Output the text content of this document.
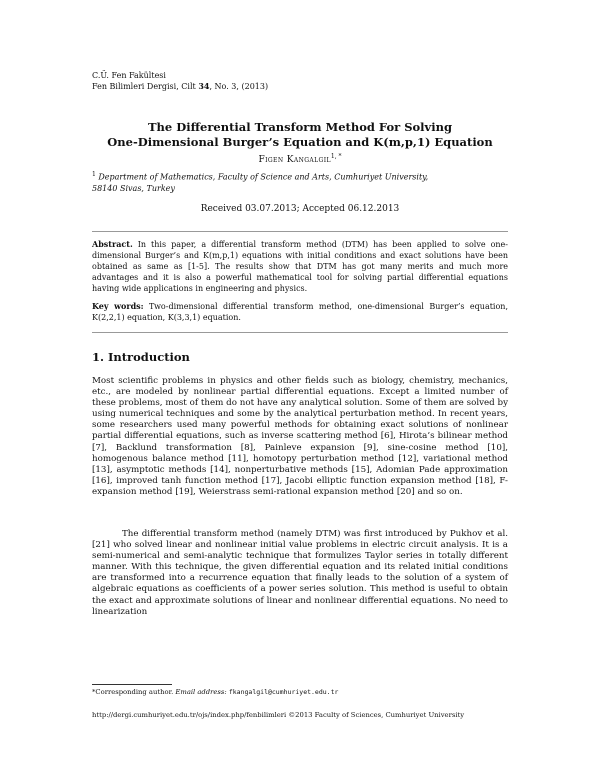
C.Ü. Fen Fakültesi
Fen Bilimleri Dergisi, Cilt 34, No. 3, (2013)
The Differential Transform Method For Solving
One-Dimensional Burger’s Equation and K(m,p,1) Equation
Figen Kangalgil$^{1, *}$
$^1$ Department of Mathematics, Faculty of Science and Arts, Cumhuriyet University,
58140 Sivas, Turkey
Received 03.07.2013; Accepted 06.12.2013
Abstract. In this paper, a differential transform method (DTM) has been applied to solve one-dimensional Burger’s and K(m,p,1) equations with initial conditions and exact solutions have been obtained as same as [1-5]. The results show that DTM has got many merits and much more advantages and it is also a powerful mathematical tool for solving partial differential equations having wide applications in engineering and physics.
Key words: Two-dimensional differential transform method, one-dimensional Burger’s equation, K(2,2,1) equation, K(3,3,1) equation.
1. Introduction
Most scientific problems in physics and other fields such as biology, chemistry, mechanics, etc., are modeled by nonlinear partial differential equations. Except a limited number of these problems, most of them do not have any analytical solution. Some of them are solved by using numerical techniques and some by the analytical perturbation method. In recent years, some researchers used many powerful methods for obtaining exact solutions of nonlinear partial differential equations, such as inverse scattering method [6], Hirota’s bilinear method [7], Backlund transformation [8], Painleve expansion [9], sine-cosine method [10], homogenous balance method [11], homotopy perturbation method [12], variational method [13], asymptotic methods [14], nonperturbative methods [15], Adomian Pade approximation [16], improved tanh function method [17], Jacobi elliptic function expansion method [18], F- expansion method [19], Weierstrass semi-rational expansion method [20] and so on.
The differential transform method (namely DTM) was first introduced by Pukhov et al. [21] who solved linear and nonlinear initial value problems in electric circuit analysis. It is a semi-numerical and semi-analytic technique that formulizes Taylor series in totally different manner. With this technique, the given differential equation and its related initial conditions are transformed into a recurrence equation that finally leads to the solution of a system of algebraic equations as coefficients of a power series solution. This method is useful to obtain the exact and approximate solutions of linear and nonlinear differential equations. No need to linearization
*Corresponding author. Email address: fkangalgil@cumhuriyet.edu.tr
http://dergi.cumhuriyet.edu.tr/ojs/index.php/fenbilimleri ©2013 Faculty of Sciences, Cumhuriyet University
